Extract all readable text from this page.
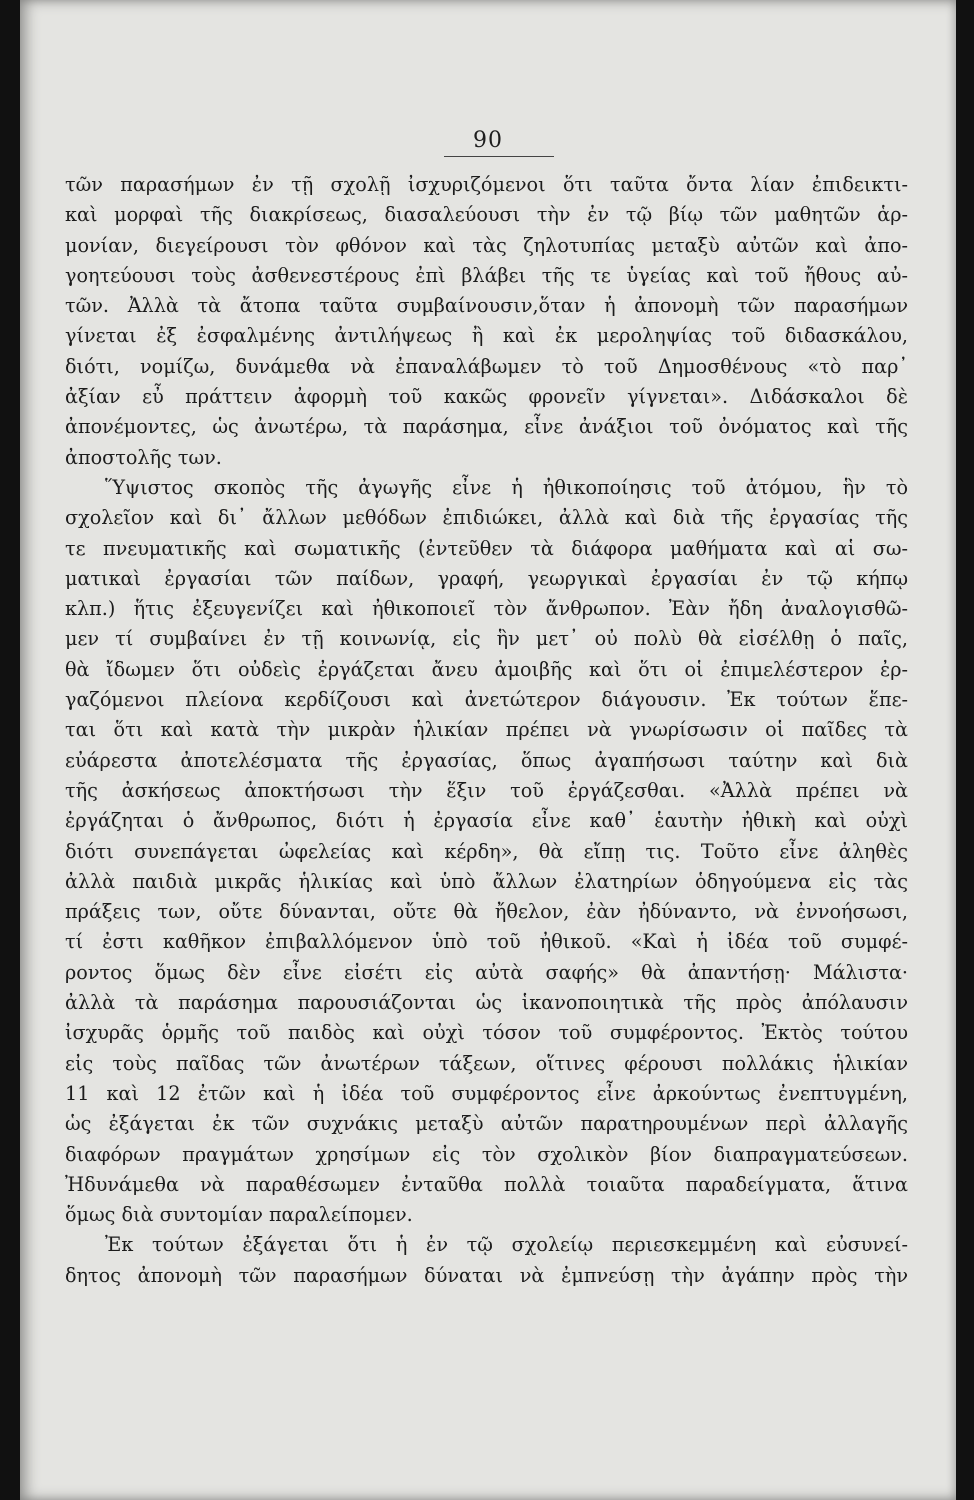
90
τῶν παρασήμων ἐν τῇ σχολῇ ἰσχυριζόμενοι ὅτι ταῦτα ὄντα λίαν ἐπιδεικτι-
καὶ μορφαὶ τῆς διακρίσεως, διασαλεύουσι τὴν ἐν τῷ βίῳ τῶν μαθητῶν ἁρ-
μονίαν, διεγείρουσι τὸν φθόνον καὶ τὰς ζηλοτυπίας μεταξὺ αὐτῶν καὶ ἀπο-
γοητεύουσι τοὺς ἀσθενεστέρους ἐπὶ βλάβει τῆς τε ὑγείας καὶ τοῦ ἤθους αὐ-
τῶν. Ἀλλὰ τὰ ἄτοπα ταῦτα συμβαίνουσιν,ὅταν ἡ ἀπονομὴ τῶν παρασήμων
γίνεται ἐξ ἐσφαλμένης ἀντιλήψεως ἢ καὶ ἐκ μεροληψίας τοῦ διδασκάλου,
διότι, νομίζω, δυνάμεθα νὰ ἐπαναλάβωμεν τὸ τοῦ Δημοσθένους «τὸ παρ᾿
ἀξίαν εὖ πράττειν ἀφορμὴ τοῦ κακῶς φρονεῖν γίγνεται». Διδάσκαλοι δὲ
ἀπονέμοντες, ὡς ἀνωτέρω, τὰ παράσημα, εἶνε ἀνάξιοι τοῦ ὀνόματος καὶ τῆς
ἀποστολῆς των.
Ὕψιστος σκοπὸς τῆς ἀγωγῆς εἶνε ἡ ἠθικοποίησις τοῦ ἀτόμου, ἣν τὸ
σχολεῖον καὶ δι᾿ ἄλλων μεθόδων ἐπιδιώκει, ἀλλὰ καὶ διὰ τῆς ἐργασίας τῆς
τε πνευματικῆς καὶ σωματικῆς (ἐντεῦθεν τὰ διάφορα μαθήματα καὶ αἱ σω-
ματικαὶ ἐργασίαι τῶν παίδων, γραφή, γεωργικαὶ ἐργασίαι ἐν τῷ κήπῳ
κλπ.) ἥτις ἐξευγενίζει καὶ ἠθικοποιεῖ τὸν ἄνθρωπον. Ἐὰν ἤδη ἀναλογισθῶ-
μεν τί συμβαίνει ἐν τῇ κοινωνίᾳ, εἰς ἣν μετ᾿ οὐ πολὺ θὰ εἰσέλθῃ ὁ παῖς,
θὰ ἴδωμεν ὅτι οὐδεὶς ἐργάζεται ἄνευ ἀμοιβῆς καὶ ὅτι οἱ ἐπιμελέστερον ἐρ-
γαζόμενοι πλείονα κερδίζουσι καὶ ἀνετώτερον διάγουσιν. Ἐκ τούτων ἕπε-
ται ὅτι καὶ κατὰ τὴν μικρὰν ἡλικίαν πρέπει νὰ γνωρίσωσιν οἱ παῖδες τὰ
εὐάρεστα ἀποτελέσματα τῆς ἐργασίας, ὅπως ἀγαπήσωσι ταύτην καὶ διὰ
τῆς ἀσκήσεως ἀποκτήσωσι τὴν ἕξιν τοῦ ἐργάζεσθαι. «Ἀλλὰ πρέπει νὰ
ἐργάζηται ὁ ἄνθρωπος, διότι ἡ ἐργασία εἶνε καθ᾿ ἑαυτὴν ἠθικὴ καὶ οὐχὶ
διότι συνεπάγεται ὠφελείας καὶ κέρδη», θὰ εἴπῃ τις. Τοῦτο εἶνε ἀληθὲς
ἀλλὰ παιδιὰ μικρᾶς ἡλικίας καὶ ὑπὸ ἄλλων ἐλατηρίων ὁδηγούμενα εἰς τὰς
πράξεις των, οὔτε δύνανται, οὔτε θὰ ἤθελον, ἐὰν ἠδύναντο, νὰ ἐννοήσωσι,
τί ἐστι καθῆκον ἐπιβαλλόμενον ὑπὸ τοῦ ἠθικοῦ. «Καὶ ἡ ἰδέα τοῦ συμφέ-
ροντος ὅμως δὲν εἶνε εἰσέτι εἰς αὐτὰ σαφής» θὰ ἀπαντήσῃ· Μάλιστα·
ἀλλὰ τὰ παράσημα παρουσιάζονται ὡς ἱκανοποιητικὰ τῆς πρὸς ἀπόλαυσιν
ἰσχυρᾶς ὁρμῆς τοῦ παιδὸς καὶ οὐχὶ τόσον τοῦ συμφέροντος. Ἐκτὸς τούτου
εἰς τοὺς παῖδας τῶν ἀνωτέρων τάξεων, οἵτινες φέρουσι πολλάκις ἡλικίαν
11 καὶ 12 ἐτῶν καὶ ἡ ἰδέα τοῦ συμφέροντος εἶνε ἀρκούντως ἐνεπτυγμένη,
ὡς ἐξάγεται ἐκ τῶν συχνάκις μεταξὺ αὐτῶν παρατηρουμένων περὶ ἀλλαγῆς
διαφόρων πραγμάτων χρησίμων εἰς τὸν σχολικὸν βίον διαπραγματεύσεων.
Ἠδυνάμεθα νὰ παραθέσωμεν ἐνταῦθα πολλὰ τοιαῦτα παραδείγματα, ἅτινα
ὅμως διὰ συντομίαν παραλείπομεν.
Ἐκ τούτων ἐξάγεται ὅτι ἡ ἐν τῷ σχολείῳ περιεσκεμμένη καὶ εὐσυνεί-
δητος ἀπονομὴ τῶν παρασήμων δύναται νὰ ἐμπνεύσῃ τὴν ἀγάπην πρὸς τὴν
